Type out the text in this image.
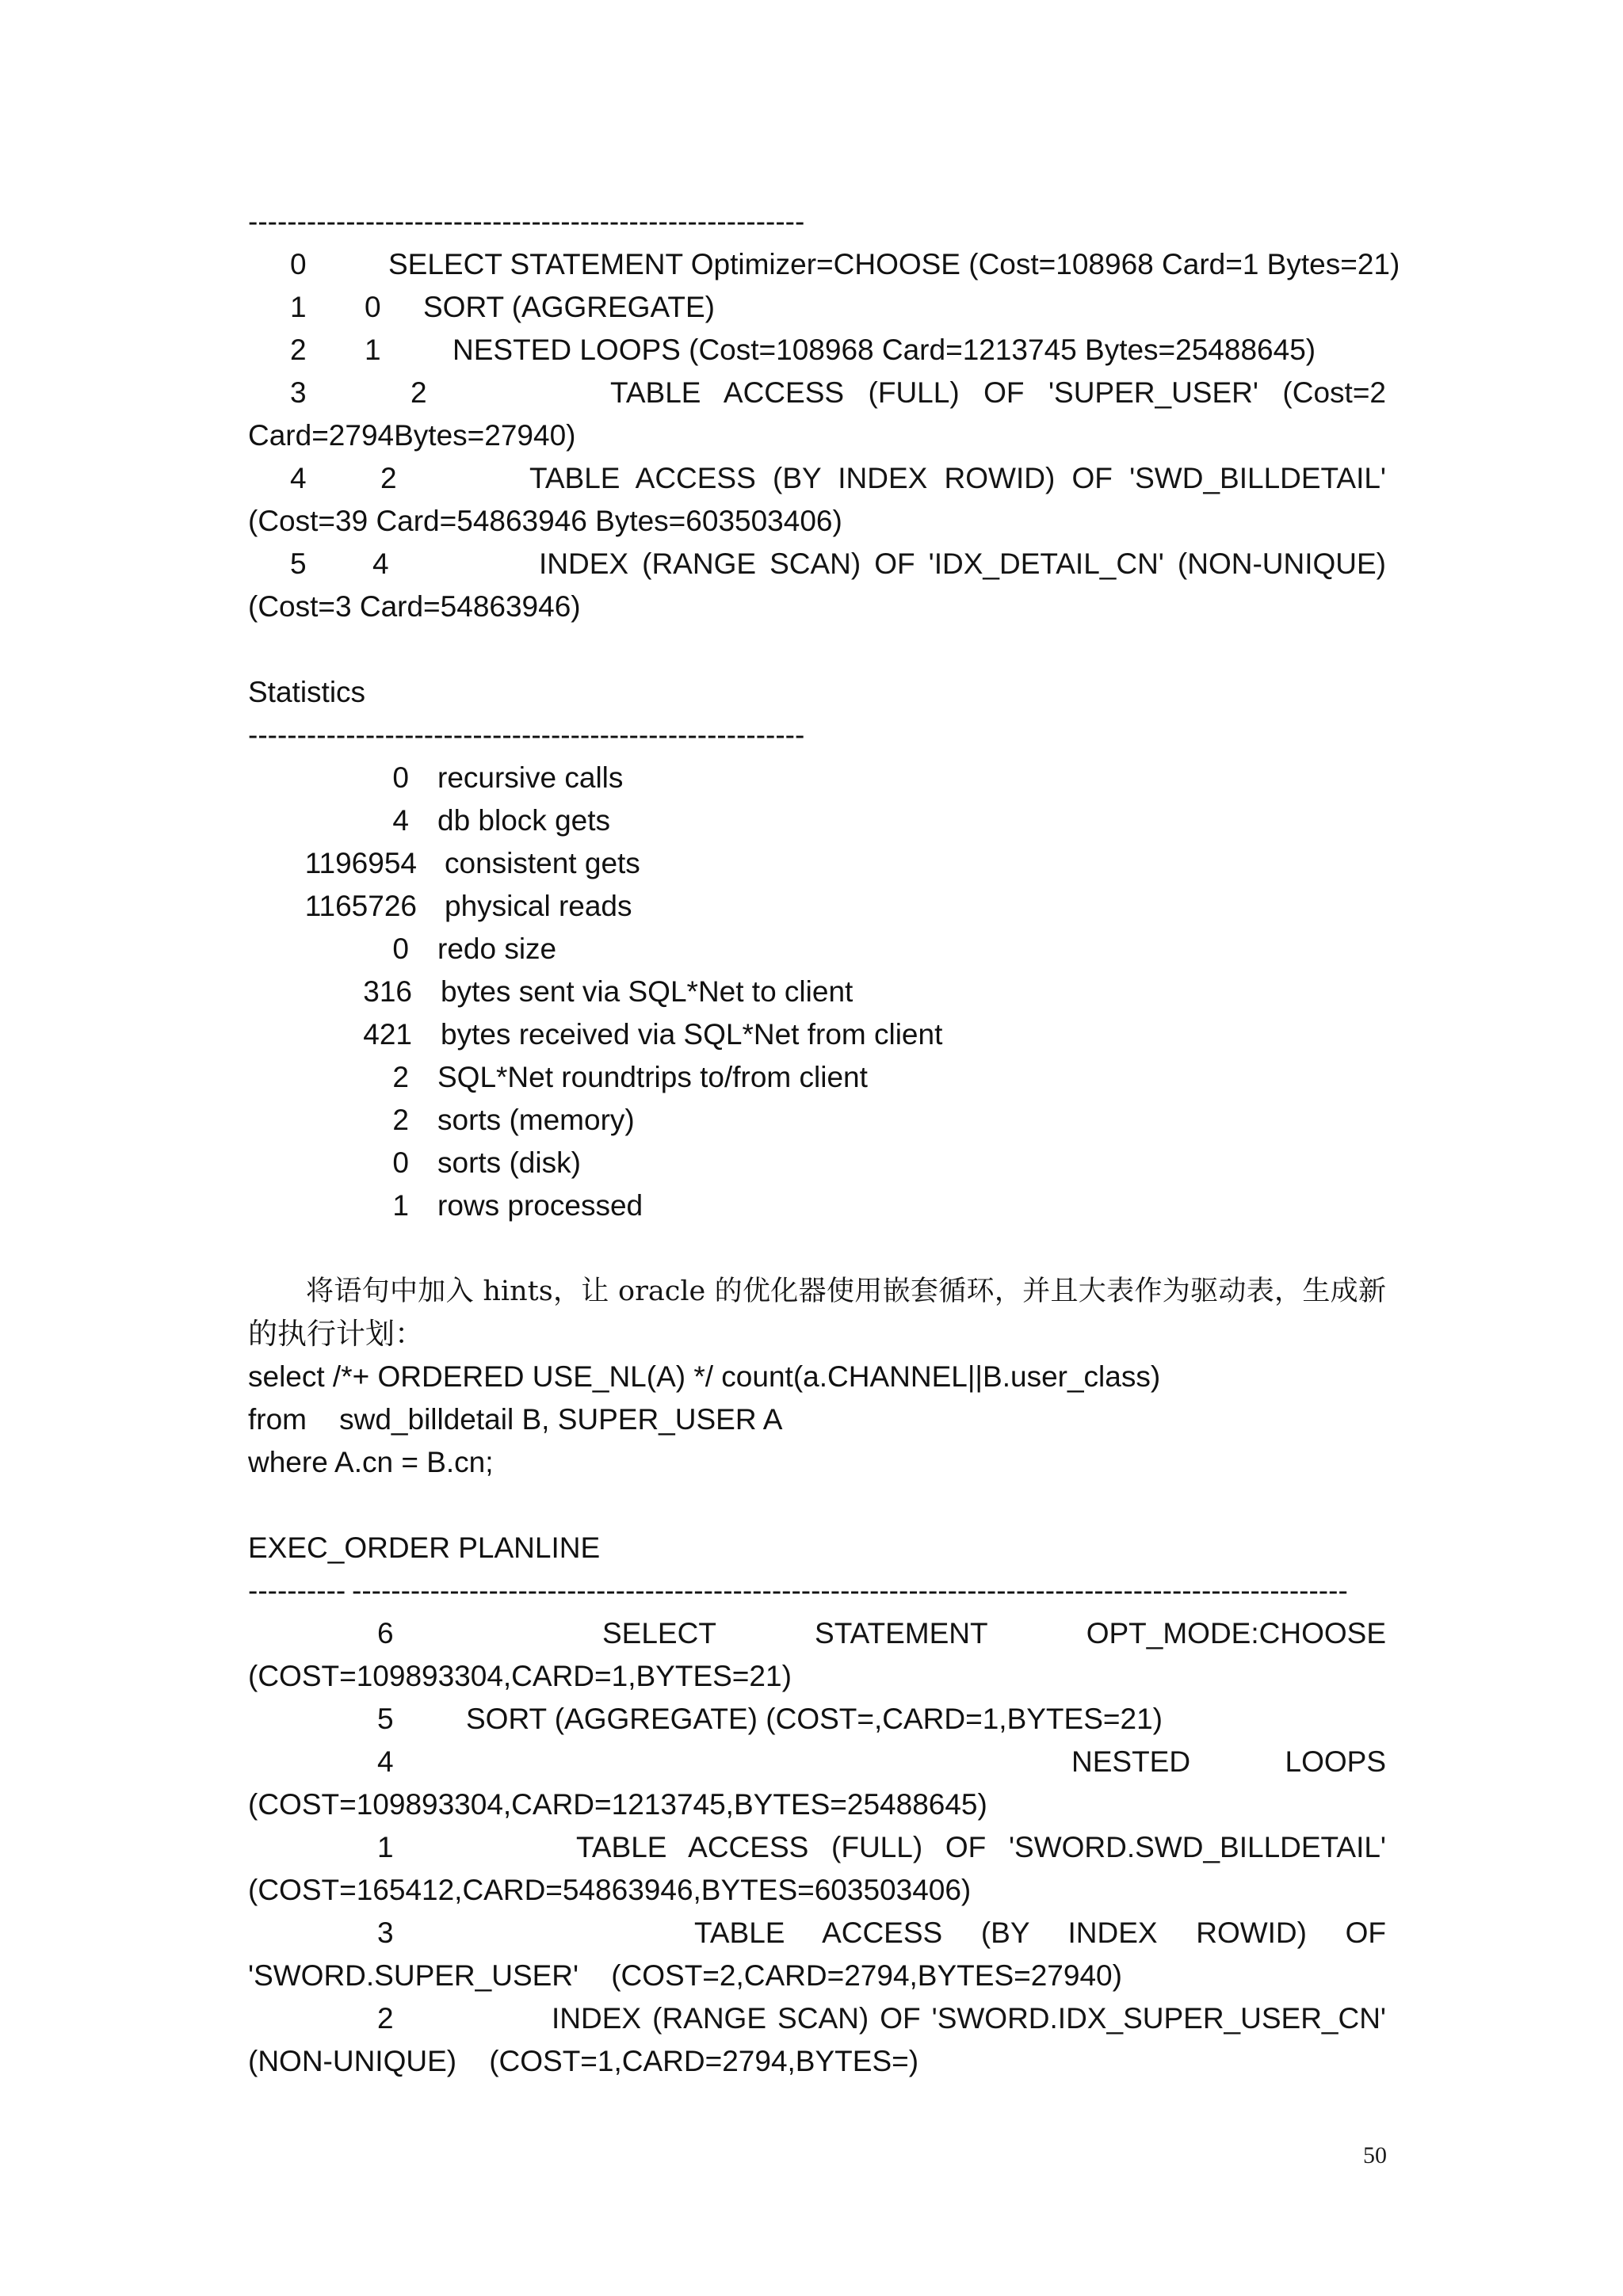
---------------------------------------------------------
0	SELECT STATEMENT Optimizer=CHOOSE (Cost=108968 Card=1 Bytes=21)
1 0 SORT (AGGREGATE)
2 1 NESTED LOOPS (Cost=108968 Card=1213745 Bytes=25488645)
3	2	TABLE ACCESS (FULL) OF 'SUPER_USER' (Cost=2
Card=2794Bytes=27940)
4	2	TABLE ACCESS (BY INDEX ROWID) OF 'SWD_BILLDETAIL'
(Cost=39 Card=54863946 Bytes=603503406)
5 4	INDEX (RANGE SCAN) OF 'IDX_DETAIL_CN' (NON-UNIQUE)
(Cost=3 Card=54863946)
Statistics
---------------------------------------------------------
0 recursive calls
4 db block gets
1196954 consistent gets
1165726 physical reads
0 redo size
316 bytes sent via SQL*Net to client
421 bytes received via SQL*Net from client
2 SQL*Net roundtrips to/from client
2 sorts (memory)
0 sorts (disk)
1 rows processed
将语句中加入 hints，让 oracle 的优化器使用嵌套循环，并且大表作为驱动表，生成新
的执行计划：
select /*+ ORDERED USE_NL(A) */ count(a.CHANNEL||B.user_class)
from    swd_billdetail B, SUPER_USER A
where A.cn = B.cn;
EXEC_ORDER PLANLINE
---------- ------------------------------------------------------------------------------------------------------
6	SELECT STATEMENT OPT_MODE:CHOOSE
(COST=109893304,CARD=1,BYTES=21)
5 SORT (AGGREGATE) (COST=,CARD=1,BYTES=21)
4	NESTED LOOPS
(COST=109893304,CARD=1213745,BYTES=25488645)
1	TABLE ACCESS (FULL) OF 'SWORD.SWD_BILLDETAIL'
(COST=165412,CARD=54863946,BYTES=603503406)
3	TABLE ACCESS (BY INDEX ROWID) OF
'SWORD.SUPER_USER'    (COST=2,CARD=2794,BYTES=27940)
2	INDEX (RANGE SCAN) OF 'SWORD.IDX_SUPER_USER_CN'
(NON-UNIQUE)    (COST=1,CARD=2794,BYTES=)
50
